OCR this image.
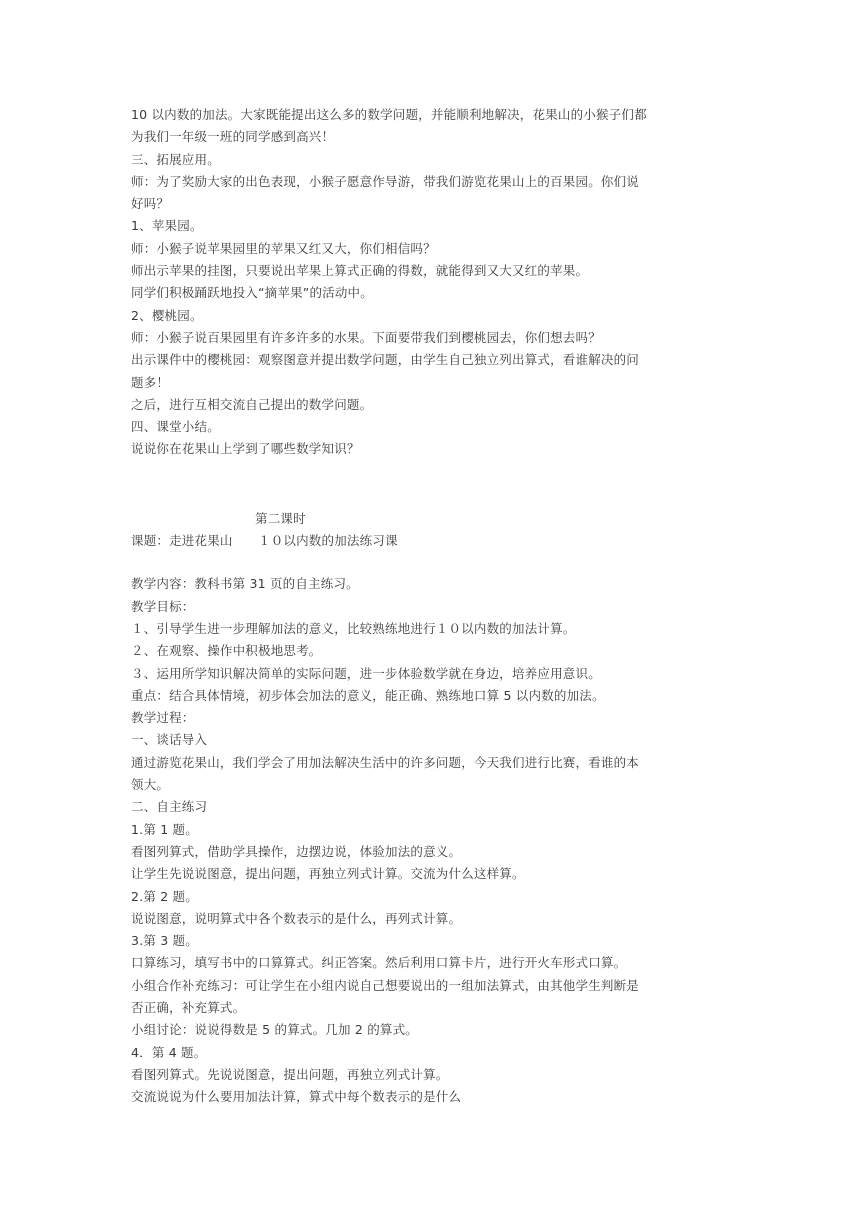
10 以内数的加法。大家既能提出这么多的数学问题，并能顺利地解决，花果山的小猴子们都
为我们一年级一班的同学感到高兴！
三、拓展应用。
师：为了奖励大家的出色表现，小猴子愿意作导游，带我们游览花果山上的百果园。你们说
好吗？
1、苹果园。
师：小猴子说苹果园里的苹果又红又大，你们相信吗？
师出示苹果的挂图，只要说出苹果上算式正确的得数，就能得到又大又红的苹果。
同学们积极踊跃地投入“摘苹果”的活动中。
2、樱桃园。
师：小猴子说百果园里有许多许多的水果。下面要带我们到樱桃园去，你们想去吗？
出示课件中的樱桃园：观察图意并提出数学问题，由学生自己独立列出算式，看谁解决的问
题多！
之后，进行互相交流自己提出的数学问题。
四、课堂小结。
说说你在花果山上学到了哪些数学知识？
第二课时
课题：走进花果山　　１０以内数的加法练习课
教学内容：教科书第 31 页的自主练习。
教学目标：
１、引导学生进一步理解加法的意义，比较熟练地进行１０以内数的加法计算。
２、在观察、操作中积极地思考。
３、运用所学知识解决简单的实际问题，进一步体验数学就在身边，培养应用意识。
重点：结合具体情境，初步体会加法的意义，能正确、熟练地口算 5 以内数的加法。
教学过程：
一、谈话导入
通过游览花果山，我们学会了用加法解决生活中的许多问题，今天我们进行比赛，看谁的本
领大。
二、自主练习
1.第 1 题。
看图列算式，借助学具操作，边摆边说，体验加法的意义。
让学生先说说图意，提出问题，再独立列式计算。交流为什么这样算。
2.第 2 题。
说说图意，说明算式中各个数表示的是什么，再列式计算。
3.第 3 题。
口算练习，填写书中的口算算式。纠正答案。然后利用口算卡片，进行开火车形式口算。
小组合作补充练习：可让学生在小组内说自己想要说出的一组加法算式，由其他学生判断是
否正确，补充算式。
小组讨论：说说得数是 5 的算式。几加 2 的算式。
4．第 4 题。
看图列算式。先说说图意，提出问题，再独立列式计算。
交流说说为什么要用加法计算，算式中每个数表示的是什么
